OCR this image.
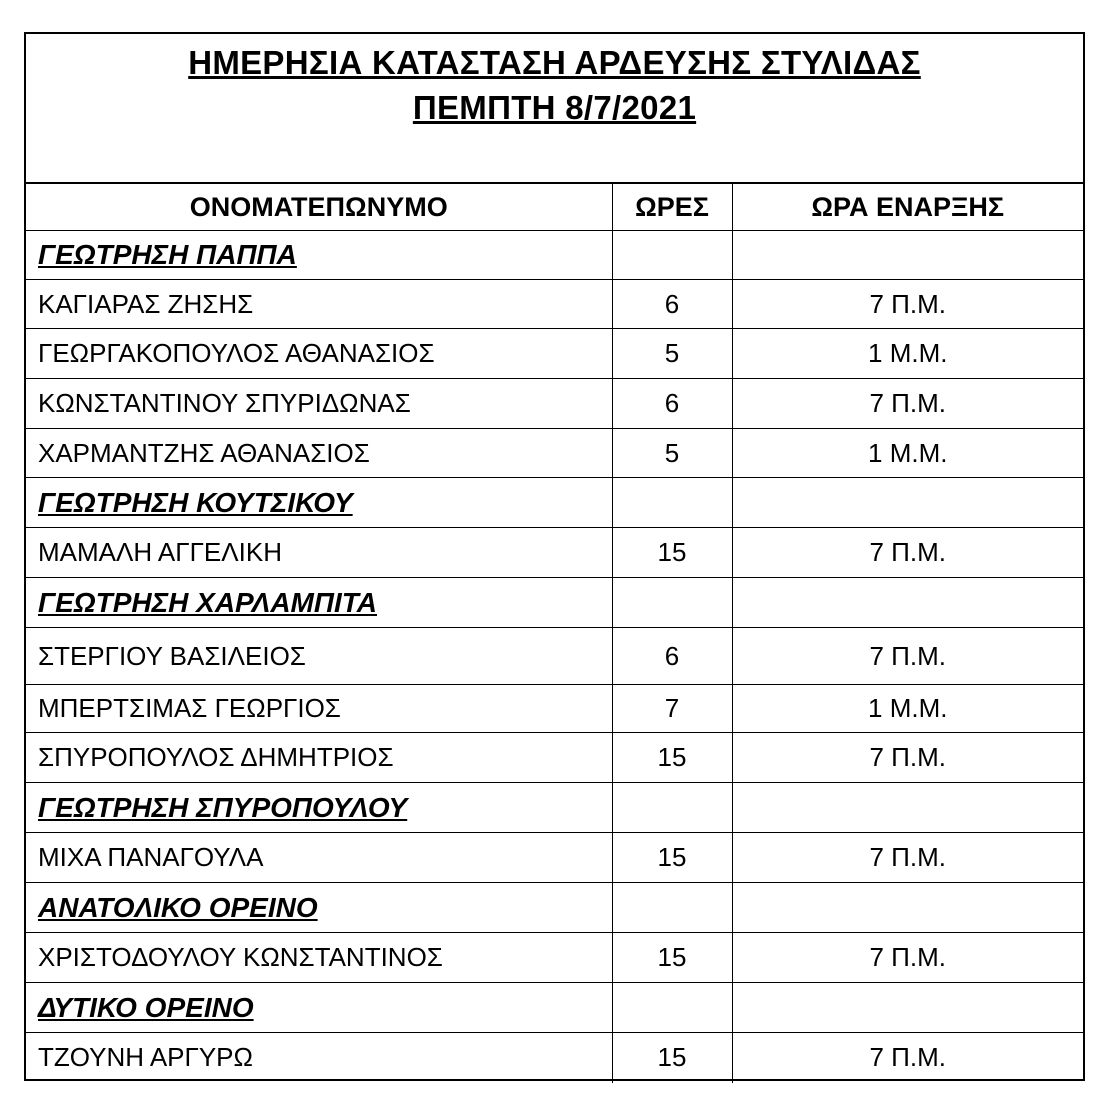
ΗΜΕΡΗΣΙΑ ΚΑΤΑΣΤΑΣΗ ΑΡΔΕΥΣΗΣ ΣΤΥΛΙΔΑΣ
ΠΕΜΠΤΗ 8/7/2021
ΟΝΟΜΑΤΕΠΩΝΥΜΟ	ΩΡΕΣ	ΩΡΑ ΕΝΑΡΞΗΣ
ΓΕΩΤΡΗΣΗ ΠΑΠΠΑ		
ΚΑΓΙΑΡΑΣ ΖΗΣΗΣ	6	7 Π.Μ.
ΓΕΩΡΓΑΚΟΠΟΥΛΟΣ ΑΘΑΝΑΣΙΟΣ	5	1 Μ.Μ.
ΚΩΝΣΤΑΝΤΙΝΟΥ ΣΠΥΡΙΔΩΝΑΣ	6	7 Π.Μ.
ΧΑΡΜΑΝΤΖΗΣ ΑΘΑΝΑΣΙΟΣ	5	1 Μ.Μ.
ΓΕΩΤΡΗΣΗ ΚΟΥΤΣΙΚΟΥ		
ΜΑΜΑΛΗ ΑΓΓΕΛΙΚΗ	15	7 Π.Μ.
ΓΕΩΤΡΗΣΗ ΧΑΡΛΑΜΠΙΤΑ		
ΣΤΕΡΓΙΟΥ ΒΑΣΙΛΕΙΟΣ	6	7 Π.Μ.
ΜΠΕΡΤΣΙΜΑΣ ΓΕΩΡΓΙΟΣ	7	1 Μ.Μ.
ΣΠΥΡΟΠΟΥΛΟΣ ΔΗΜΗΤΡΙΟΣ	15	7 Π.Μ.
ΓΕΩΤΡΗΣΗ ΣΠΥΡΟΠΟΥΛΟΥ		
ΜΙΧΑ ΠΑΝΑΓΟΥΛΑ	15	7 Π.Μ.
ΑΝΑΤΟΛΙΚΟ ΟΡΕΙΝΟ		
ΧΡΙΣΤΟΔΟΥΛΟΥ ΚΩΝΣΤΑΝΤΙΝΟΣ	15	7 Π.Μ.
ΔΥΤΙΚΟ ΟΡΕΙΝΟ		
ΤΖΟΥΝΗ ΑΡΓΥΡΩ	15	7 Π.Μ.
